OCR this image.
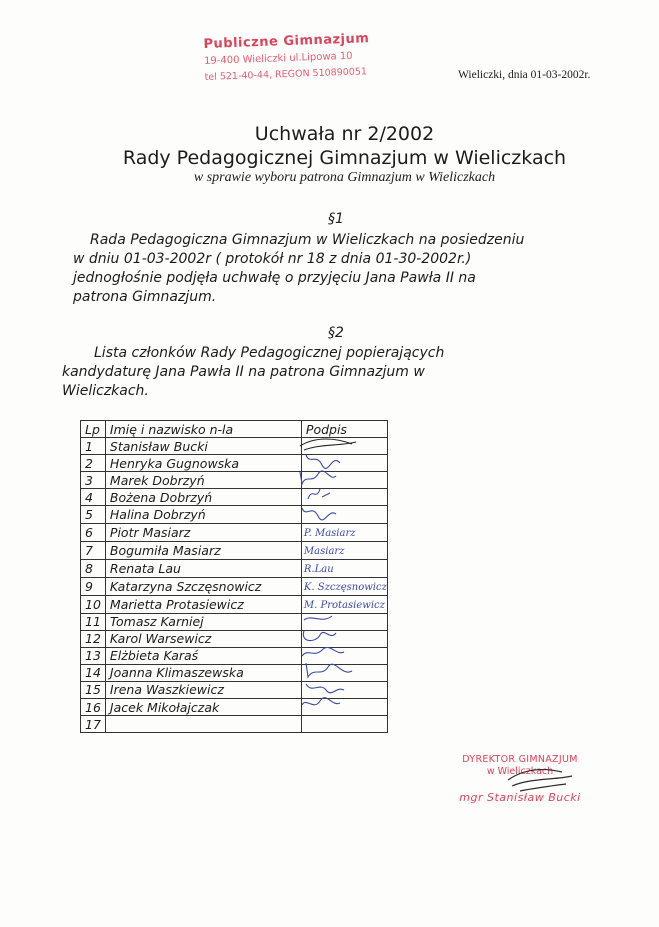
Publiczne Gimnazjum
19-400 Wieliczki ul.Lipowa 10
tel 521-40-44, REGON 510890051	Wieliczki, dnia 01-03-2002r.
Uchwała nr 2/2002
Rady Pedagogicznej Gimnazjum w Wieliczkach
w sprawie wyboru patrona Gimnazjum w Wieliczkach
§1
Rada Pedagogiczna Gimnazjum w Wieliczkach na posiedzeniu
w dniu 01-03-2002r ( protokół nr 18 z dnia 01-30-2002r.)
jednogłośnie podjęła uchwałę o przyjęciu Jana Pawła II na
patrona Gimnazjum.
§2
Lista członków Rady Pedagogicznej popierających
kandydaturę Jana Pawła II na patrona Gimnazjum w
Wieliczkach.
Lp	Imię i nazwisko n-la	Podpis
1	Stanisław Bucki	

2	Henryka Gugnowska	

3	Marek Dobrzyń	

4	Bożena Dobrzyń	

5	Halina Dobrzyń	

6	Piotr Masiarz	P. Masiarz
7	Bogumiła Masiarz	Masiarz
8	Renata Lau	R.Lau
9	Katarzyna Szczęsnowicz	K. Szczęsnowicz
10	Marietta Protasiewicz	M. Protasiewicz
11	Tomasz Karniej	

12	Karol Warsewicz	

13	Elżbieta Karaś	

14	Joanna Klimaszewska	

15	Irena Waszkiewicz	

16	Jacek Mikołajczak	

17		
DYREKTOR GIMNAZJUM
w Wieliczkach
mgr Stanisław Bucki
